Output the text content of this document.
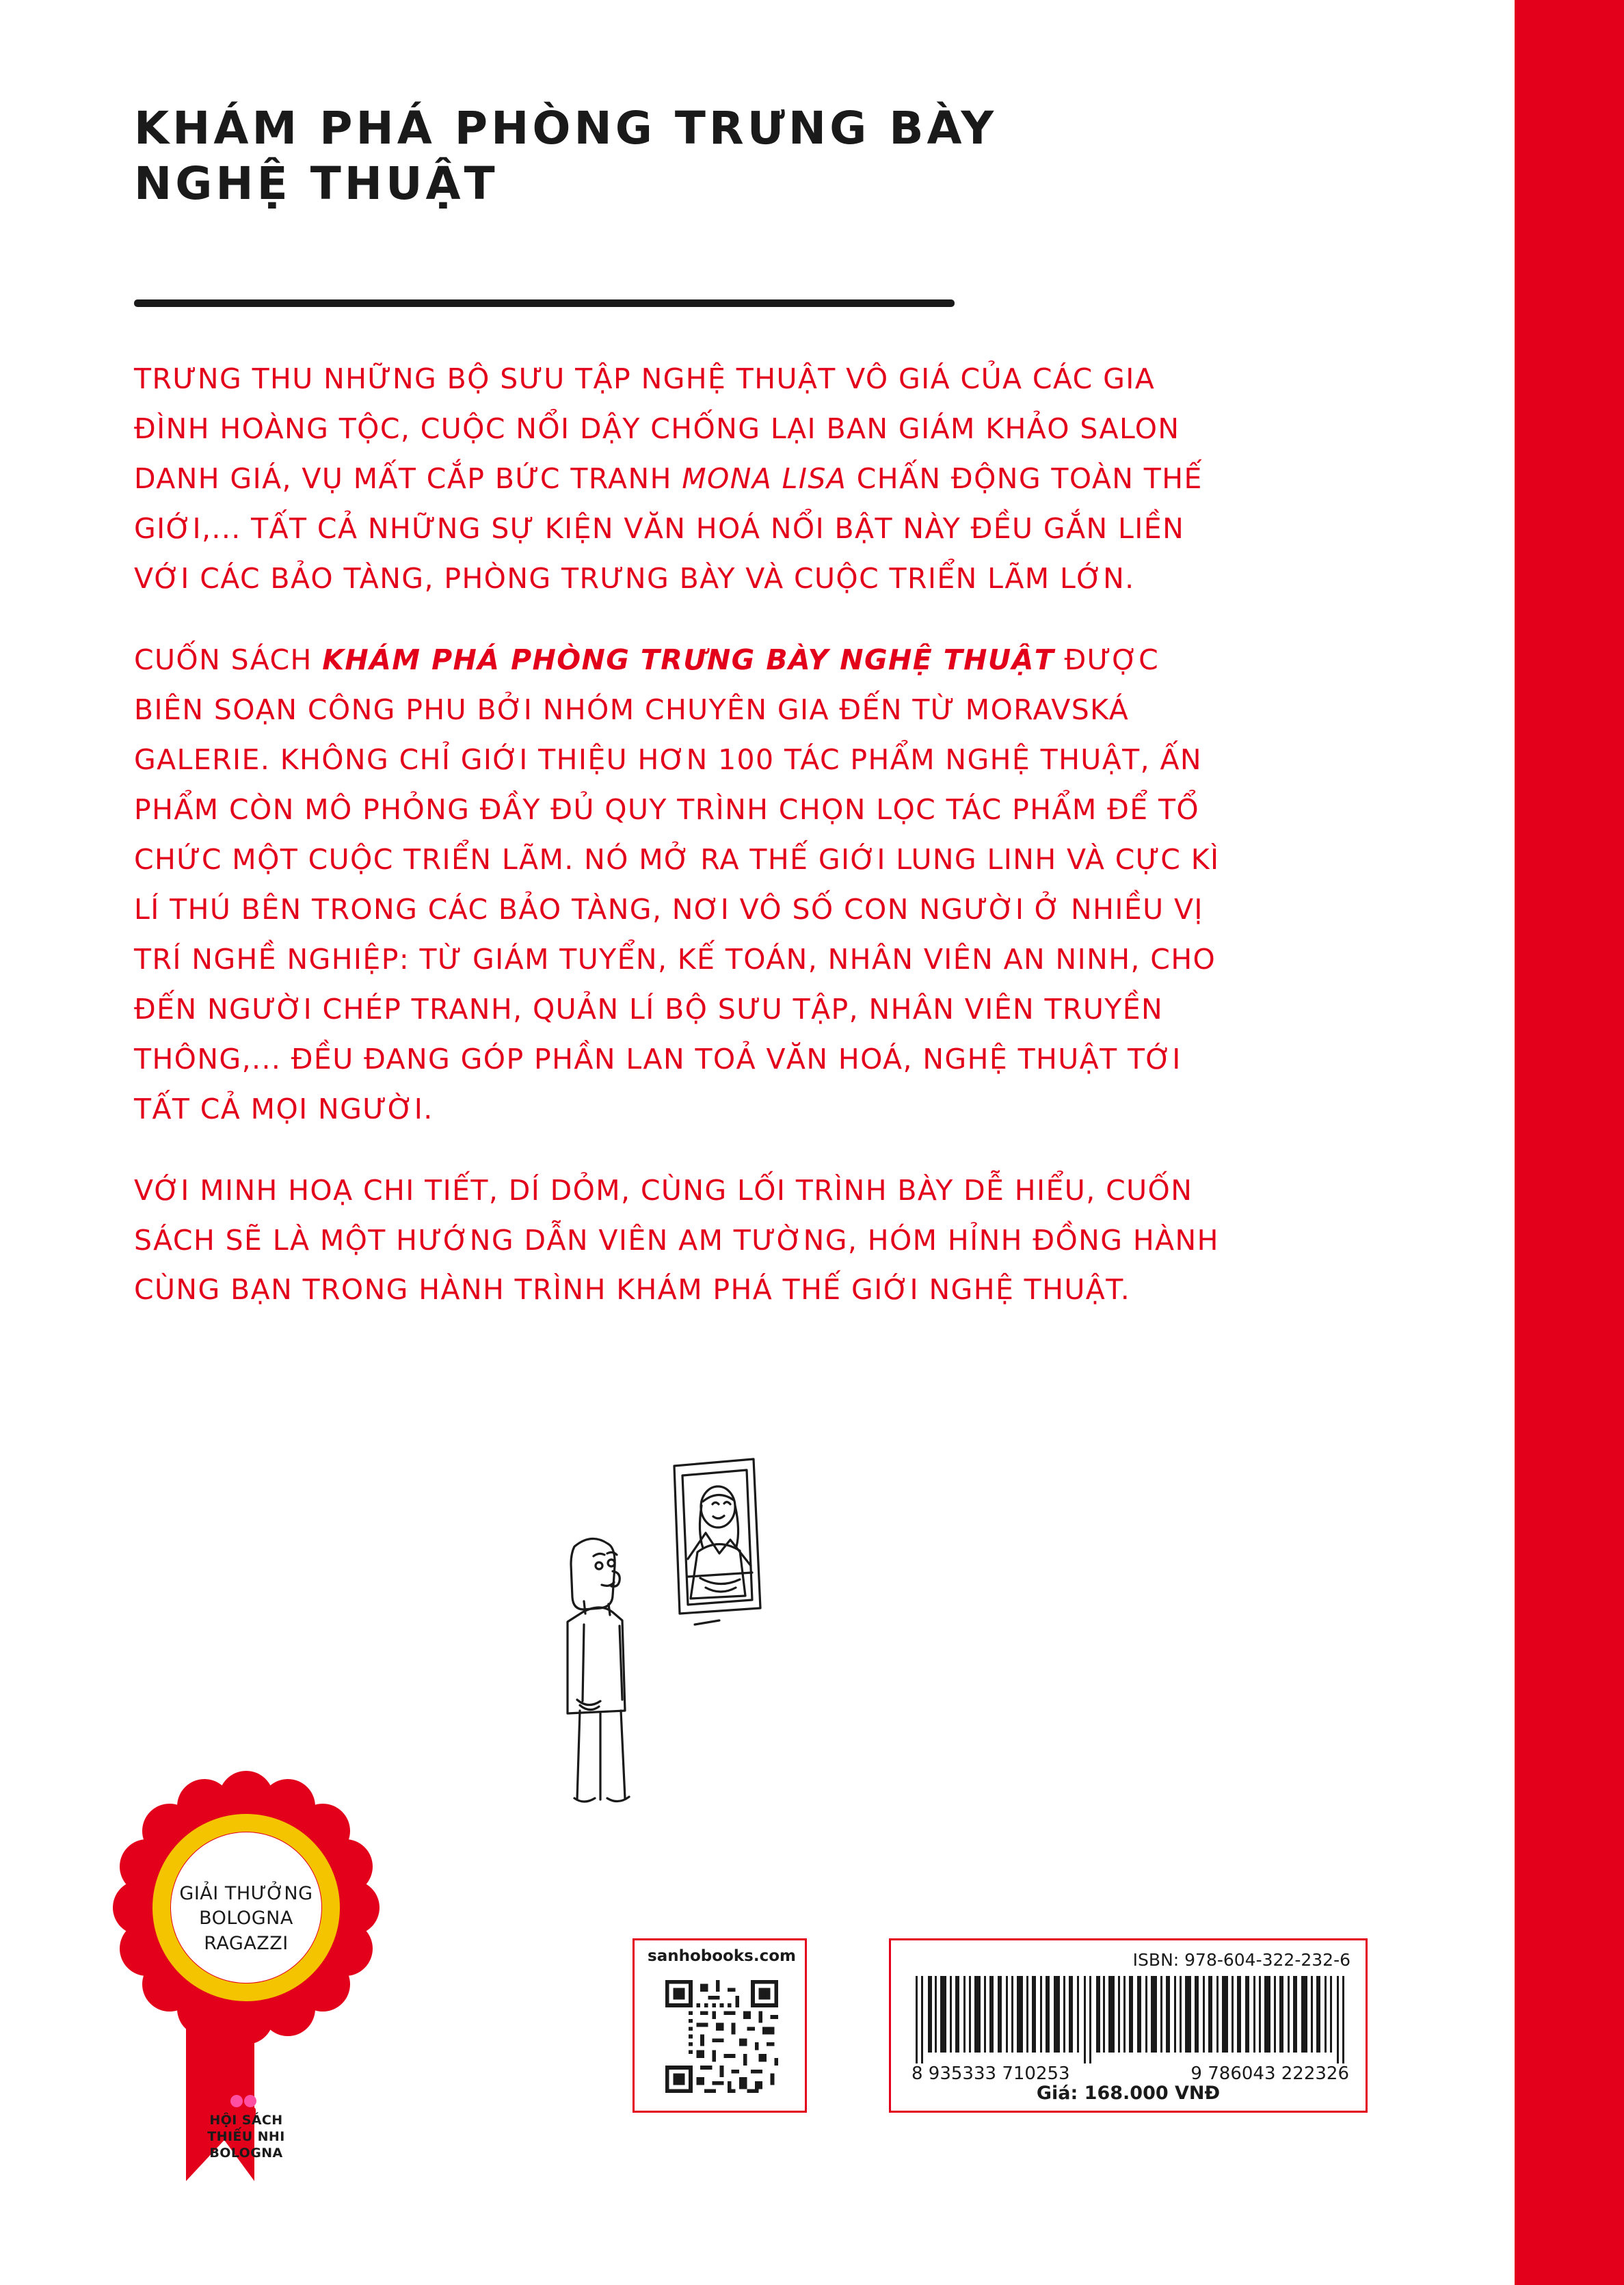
KHÁM PHÁ PHÒNG TRƯNG BÀY
NGHỆ THUẬT

TRƯNG THU NHỮNG BỘ SƯU TẬP NGHỆ THUẬT VÔ GIÁ CỦA CÁC GIA ĐÌNH HOÀNG TỘC, CUỘC NỔI DẬY CHỐNG LẠI BAN GIÁM KHẢO SALON DANH GIÁ, VỤ MẤT CẮP BỨC TRANH MONA LISA CHẤN ĐỘNG TOÀN THẾ GIỚI,... TẤT CẢ NHỮNG SỰ KIỆN VĂN HOÁ NỔI BẬT NÀY ĐỀU GẮN LIỀN VỚI CÁC BẢO TÀNG, PHÒNG TRƯNG BÀY VÀ CUỘC TRIỂN LÃM LỚN.

CUỐN SÁCH KHÁM PHÁ PHÒNG TRƯNG BÀY NGHỆ THUẬT ĐƯỢC BIÊN SOẠN CÔNG PHU BỞI NHÓM CHUYÊN GIA ĐẾN TỪ MORAVSKÁ GALERIE. KHÔNG CHỈ GIỚI THIỆU HƠN 100 TÁC PHẨM NGHỆ THUẬT, ẤN PHẨM CÒN MÔ PHỎNG ĐẦY ĐỦ QUY TRÌNH CHỌN LỌC TÁC PHẨM ĐỂ TỔ CHỨC MỘT CUỘC TRIỂN LÃM. NÓ MỞ RA THẾ GIỚI LUNG LINH VÀ CỰC KÌ LÍ THÚ BÊN TRONG CÁC BẢO TÀNG, NƠI VÔ SỐ CON NGƯỜI Ở NHIỀU VỊ TRÍ NGHỀ NGHIỆP: TỪ GIÁM TUYỂN, KẾ TOÁN, NHÂN VIÊN AN NINH, CHO ĐẾN NGƯỜI CHÉP TRANH, QUẢN LÍ BỘ SƯU TẬP, NHÂN VIÊN TRUYỀN THÔNG,... ĐỀU ĐANG GÓP PHẦN LAN TOẢ VĂN HOÁ, NGHỆ THUẬT TỚI TẤT CẢ MỌI NGƯỜI.

VỚI MINH HOẠ CHI TIẾT, DÍ DỎM, CÙNG LỐI TRÌNH BÀY DỄ HIỂU, CUỐN SÁCH SẼ LÀ MỘT HƯỚNG DẪN VIÊN AM TƯỜNG, HÓM HỈNH ĐỒNG HÀNH CÙNG BẠN TRONG HÀNH TRÌNH KHÁM PHÁ THẾ GIỚI NGHỆ THUẬT.

GIẢI THƯỞNG
BOLOGNA
RAGAZZI
HỘI SÁCH
THIẾU NHI
BOLOGNA
sanhobooks.com	ISBN: 978-604-322-232-6
8 935333 710253	9 786043 222326
Giá: 168.000 VNĐ
